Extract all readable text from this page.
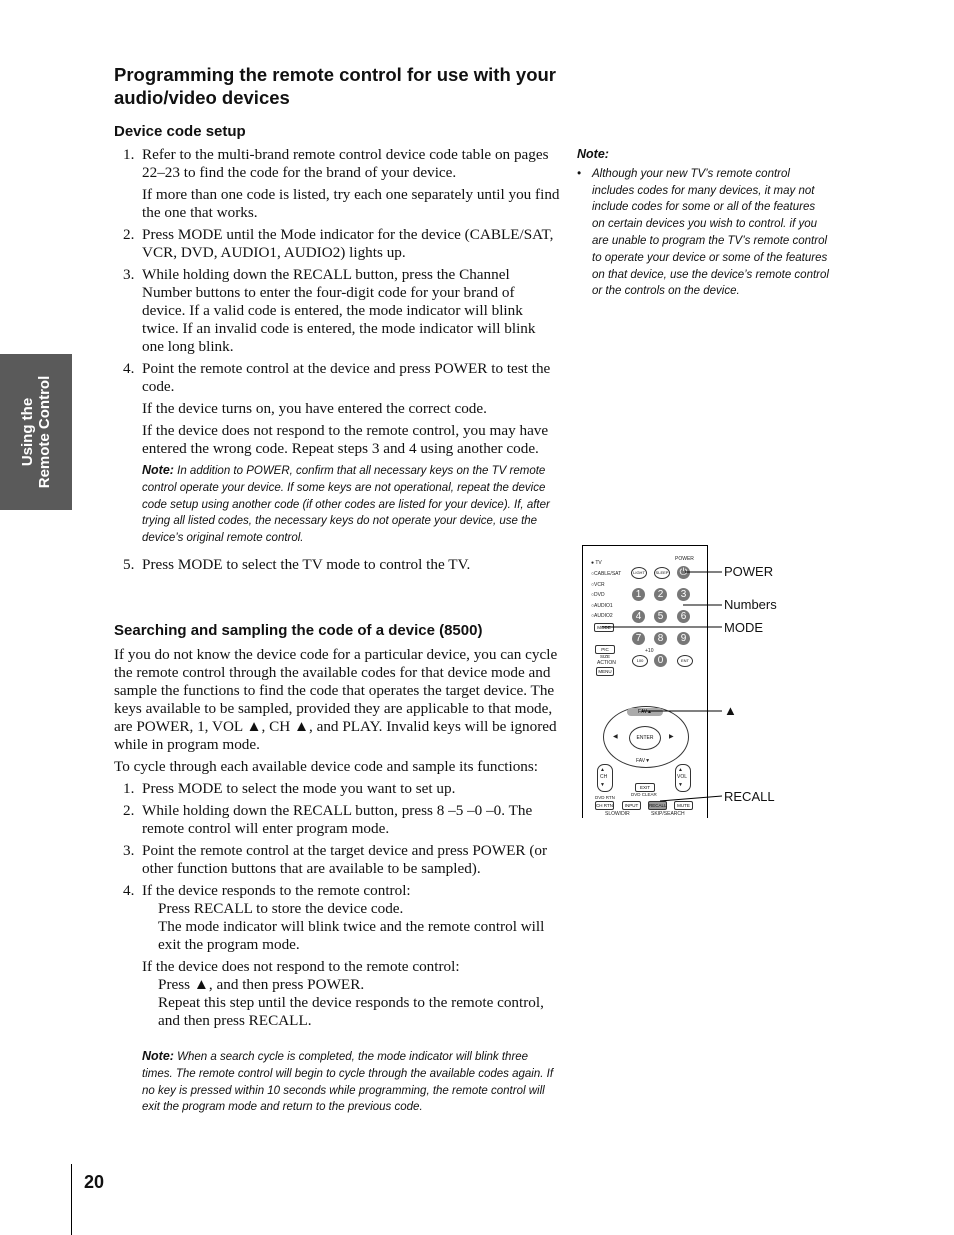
Using the
Remote Control
Programming the remote control for use with your audio/video devices
Device code setup
1. Refer to the multi-brand remote control device code table on pages 22–23 to find the code for the brand of your device.

If more than one code is listed, try each one separately until you find the one that works.

2. Press MODE until the Mode indicator for the device (CABLE/SAT, VCR, DVD, AUDIO1, AUDIO2) lights up.

3. While holding down the RECALL button, press the Channel Number buttons to enter the four-digit code for your brand of device. If a valid code is entered, the mode indicator will blink twice. If an invalid code is entered, the mode indicator will blink one long blink.

4. Point the remote control at the device and press POWER to test the code.

If the device turns on, you have entered the correct code.

If the device does not respond to the remote control, you may have entered the wrong code. Repeat steps 3 and 4 using another code.

Note: In addition to POWER, confirm that all necessary keys on the TV remote control operate your device. If some keys are not operational, repeat the device code setup using another code (if other codes are listed for your device). If, after trying all listed codes, the necessary keys do not operate your device, use the device’s original remote control.

5. Press MODE to select the TV mode to control the TV.

Searching and sampling the code of a device (8500)

If you do not know the device code for a particular device, you can cycle the remote control through the available codes for that device mode and sample the functions to find the code that operates the target device. The keys available to be sampled, provided they are applicable to that mode, are POWER, 1, VOL ▲, CH ▲, and PLAY. Invalid keys will be ignored while in program mode.

To cycle through each available device code and sample its functions:

1. Press MODE to select the mode you want to set up.

2. While holding down the RECALL button, press 8 –5 –0 –0. The remote control will enter program mode.

3. Point the remote control at the target device and press POWER (or other function buttons that are available to be sampled).

4. If the device responds to the remote control:

Press RECALL to store the device code.

The mode indicator will blink twice and the remote control will exit the program mode.

If the device does not respond to the remote control:

Press ▲, and then press POWER.

Repeat this step until the device responds to the remote control, and then press RECALL.

Note: When a search cycle is completed, the mode indicator will blink three times. The remote control will begin to cycle through the available codes again. If no key is pressed within 10 seconds while programming, the remote control will exit the program mode and return to the previous code.

Note:
• Although your new TV’s remote control includes codes for many devices, it may not include codes for some or all of the features on certain devices you wish to control. if you are unable to program the TV’s remote control to operate your device or some of the features on that device, use the device’s remote control or the controls on the device.
● TV
○CABLE/SAT
○VCR
○DVD
○AUDIO1
○AUDIO2
MODE
POWER
LIGHT	SLEEP ⏻
1	2	3
4	5	6
7	8	9
+10
100	0	ENT
PIC SIZE
ACTION
MENU
FAV▲
ENTER
◀	▶
FAV▼
▲
CH
▼
▲
VOL
▼
EXIT
DVD RTN
DVD CLEAR
CH RTN	INPUT	RECALL	MUTE
SLOW/DIR	SKIP/SEARCH
POWER
Numbers
MODE
▲
RECALL
20
